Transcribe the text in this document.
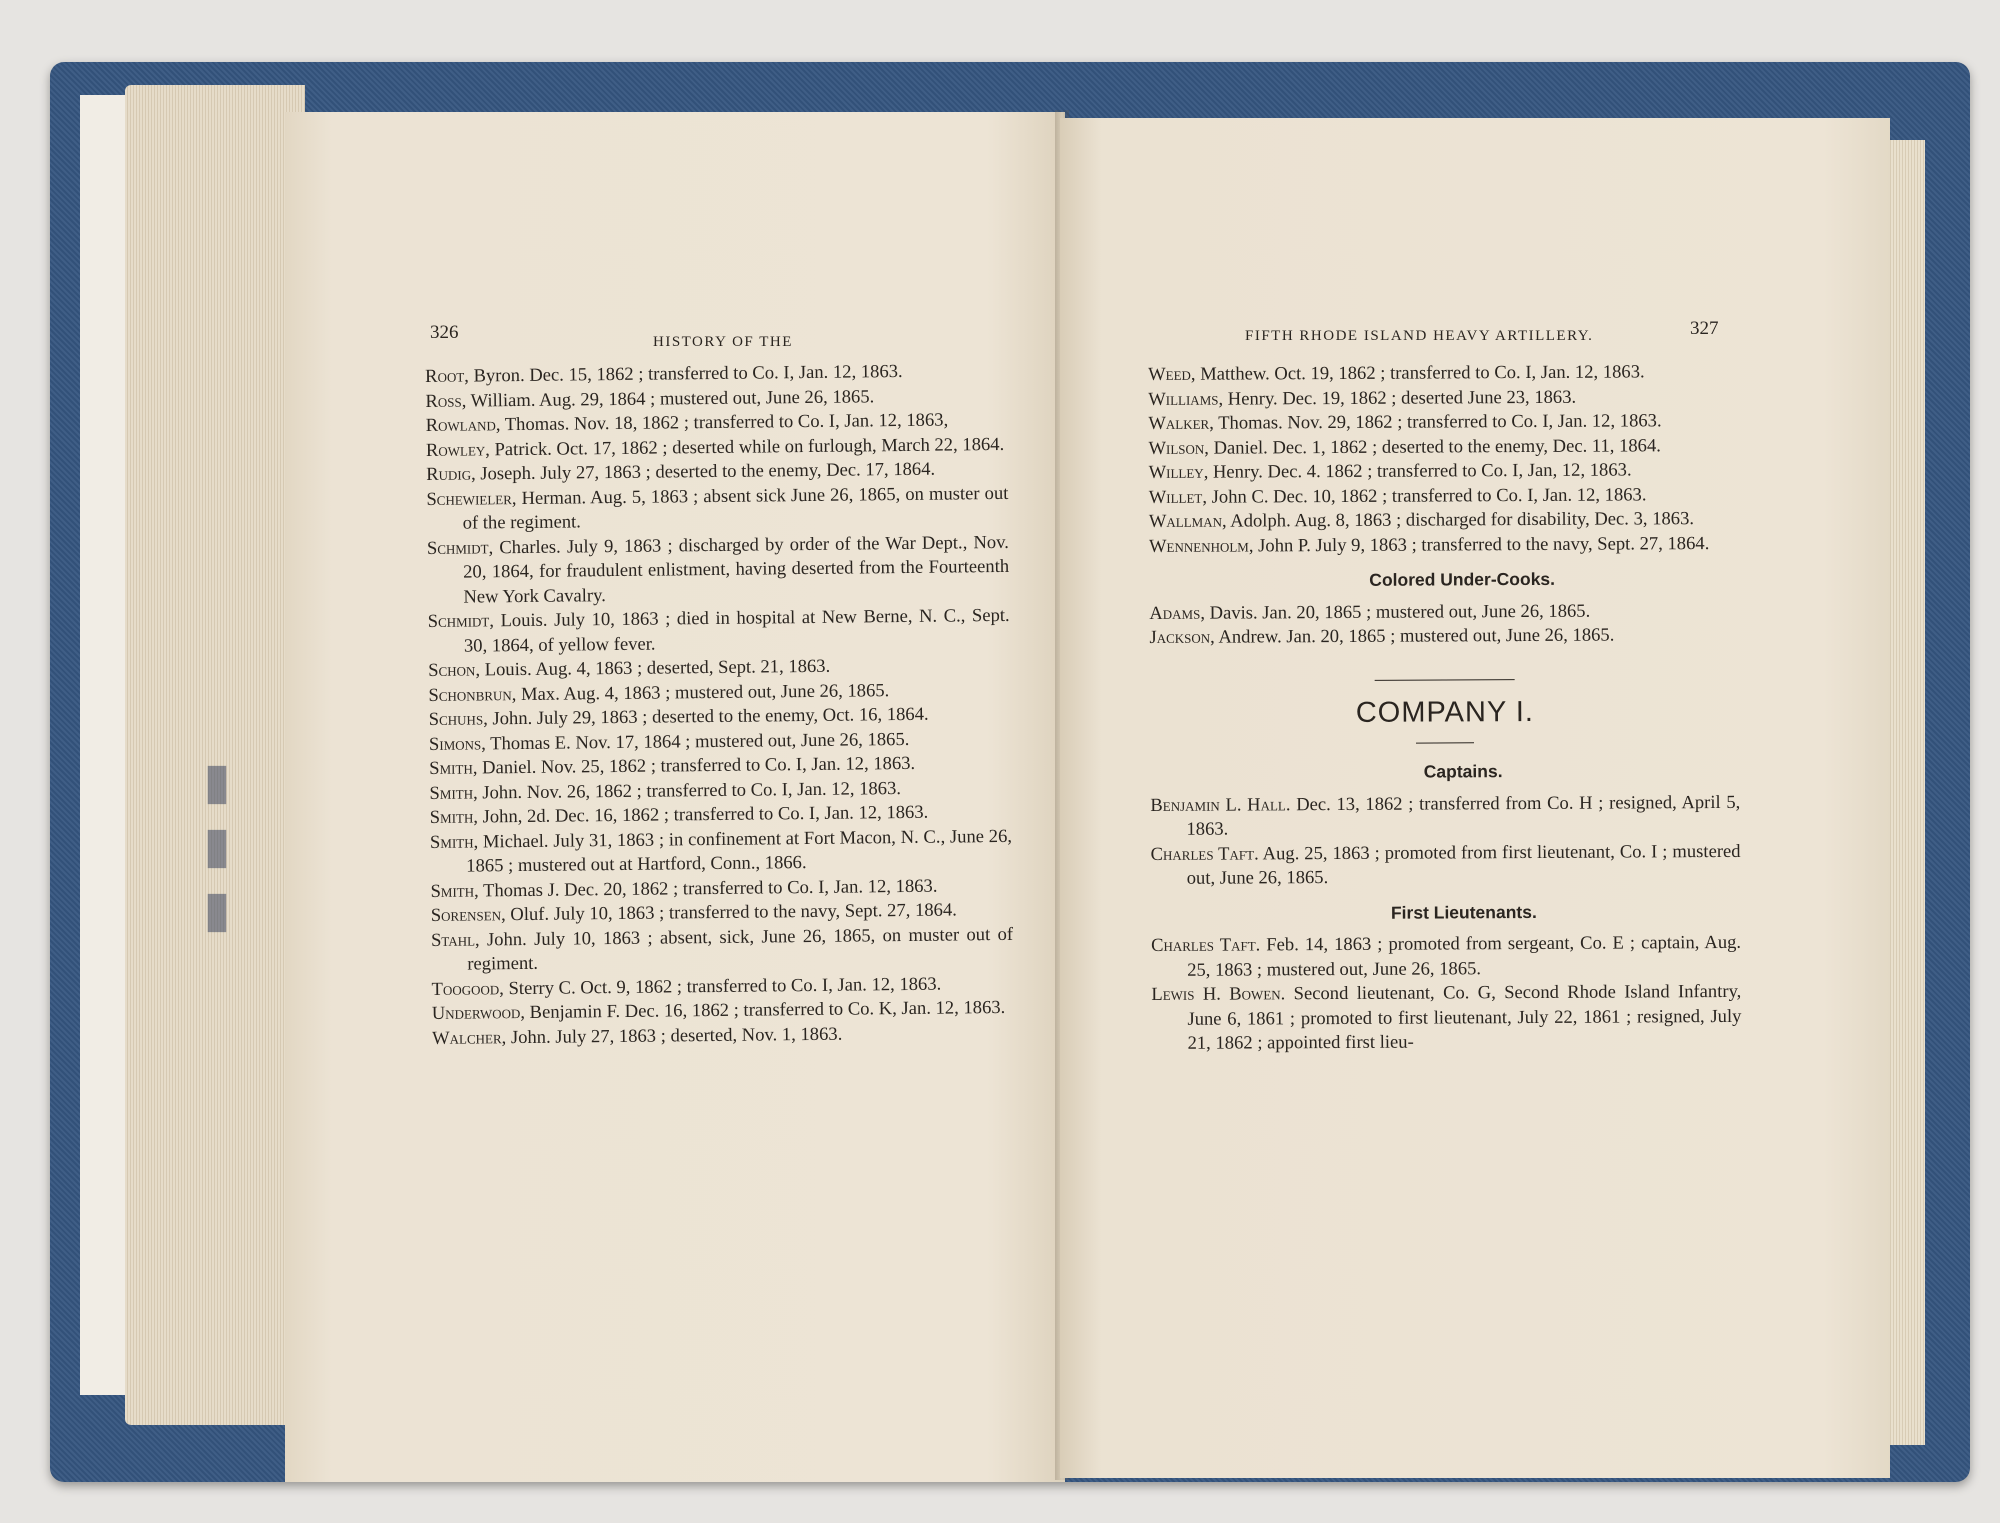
▮▮▮
326	HISTORY OF THE

Root, Byron. Dec. 15, 1862 ; transferred to Co. I, Jan. 12, 1863.

Ross, William. Aug. 29, 1864 ; mustered out, June 26, 1865.

Rowland, Thomas. Nov. 18, 1862 ; transferred to Co. I, Jan. 12, 1863,

Rowley, Patrick. Oct. 17, 1862 ; deserted while on furlough, March 22, 1864.

Rudig, Joseph. July 27, 1863 ; deserted to the enemy, Dec. 17, 1864.

Schewieler, Herman. Aug. 5, 1863 ; absent sick June 26, 1865, on muster out of the regiment.

Schmidt, Charles. July 9, 1863 ; discharged by order of the War Dept., Nov. 20, 1864, for fraudulent enlistment, having deserted from the Fourteenth New York Cavalry.

Schmidt, Louis. July 10, 1863 ; died in hospital at New Berne, N. C., Sept. 30, 1864, of yellow fever.

Schon, Louis. Aug. 4, 1863 ; deserted, Sept. 21, 1863.

Schonbrun, Max. Aug. 4, 1863 ; mustered out, June 26, 1865.

Schuhs, John. July 29, 1863 ; deserted to the enemy, Oct. 16, 1864.

Simons, Thomas E. Nov. 17, 1864 ; mustered out, June 26, 1865.

Smith, Daniel. Nov. 25, 1862 ; transferred to Co. I, Jan. 12, 1863.

Smith, John. Nov. 26, 1862 ; transferred to Co. I, Jan. 12, 1863.

Smith, John, 2d. Dec. 16, 1862 ; transferred to Co. I, Jan. 12, 1863.

Smith, Michael. July 31, 1863 ; in confinement at Fort Macon, N. C., June 26, 1865 ; mustered out at Hartford, Conn., 1866.

Smith, Thomas J. Dec. 20, 1862 ; transferred to Co. I, Jan. 12, 1863.

Sorensen, Oluf. July 10, 1863 ; transferred to the navy, Sept. 27, 1864.

Stahl, John. July 10, 1863 ; absent, sick, June 26, 1865, on muster out of regiment.

Toogood, Sterry C. Oct. 9, 1862 ; transferred to Co. I, Jan. 12, 1863.

Underwood, Benjamin F. Dec. 16, 1862 ; transferred to Co. K, Jan. 12, 1863.

Walcher, John. July 27, 1863 ; deserted, Nov. 1, 1863.

FIFTH RHODE ISLAND HEAVY ARTILLERY.	327

Weed, Matthew. Oct. 19, 1862 ; transferred to Co. I, Jan. 12, 1863.

Williams, Henry. Dec. 19, 1862 ; deserted June 23, 1863.

Walker, Thomas. Nov. 29, 1862 ; transferred to Co. I, Jan. 12, 1863.

Wilson, Daniel. Dec. 1, 1862 ; deserted to the enemy, Dec. 11, 1864.

Willey, Henry. Dec. 4. 1862 ; transferred to Co. I, Jan, 12, 1863.

Willet, John C. Dec. 10, 1862 ; transferred to Co. I, Jan. 12, 1863.

Wallman, Adolph. Aug. 8, 1863 ; discharged for disability, Dec. 3, 1863.

Wennenholm, John P. July 9, 1863 ; transferred to the navy, Sept. 27, 1864.

Colored Under-Cooks.

Adams, Davis. Jan. 20, 1865 ; mustered out, June 26, 1865.

Jackson, Andrew. Jan. 20, 1865 ; mustered out, June 26, 1865.

COMPANY I.
Captains.

Benjamin L. Hall. Dec. 13, 1862 ; transferred from Co. H ; resigned, April 5, 1863.

Charles Taft. Aug. 25, 1863 ; promoted from first lieutenant, Co. I ; mustered out, June 26, 1865.

First Lieutenants.

Charles Taft. Feb. 14, 1863 ; promoted from sergeant, Co. E ; captain, Aug. 25, 1863 ; mustered out, June 26, 1865.

Lewis H. Bowen. Second lieutenant, Co. G, Second Rhode Island Infantry, June 6, 1861 ; promoted to first lieutenant, July 22, 1861 ; resigned, July 21, 1862 ; appointed first lieu-
